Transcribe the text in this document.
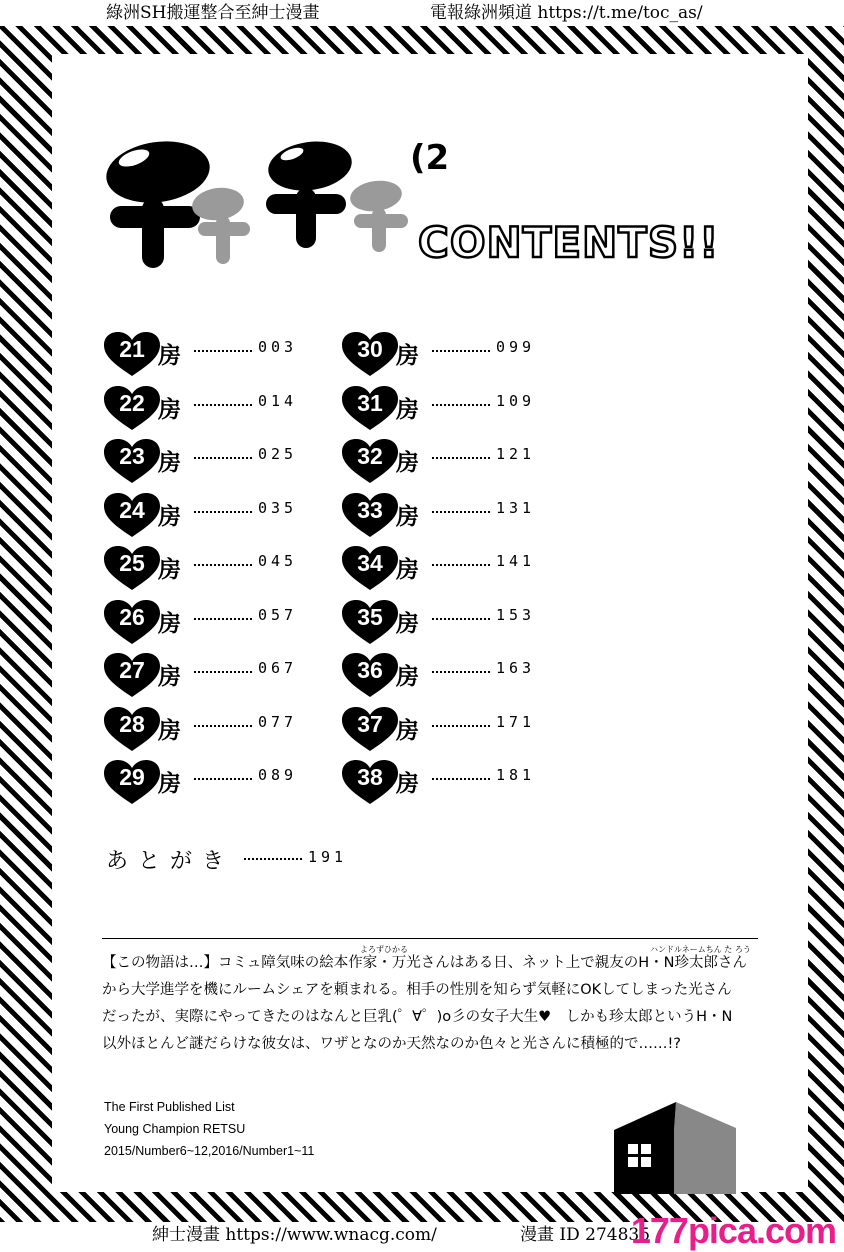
綠洲SH搬運整合至紳士漫畫	電報綠洲頻道 https://t.me/toc_as/
(2
CONTENTS!!
21 房	003
22 房	014
23 房	025
24 房	035
25 房	045
26 房	057
27 房	067
28 房	077
29 房	089
30 房	099
31 房	109
32 房	121
33 房	131
34 房	141
35 房	153
36 房	163
37 房	171
38 房	181
あとがき	191
よろずひかる	ハンドルネームちん た ろう
【この物語は…】コミュ障気味の絵本作家・万光さんはある日、ネット上で親友のH・N珍太郎さん
から大学進学を機にルームシェアを頼まれる。相手の性別を知らず気軽にOKしてしまった光さん
だったが、実際にやってきたのはなんと巨乳(゜∀゜)o彡の女子大生♥　しかも珍太郎というH・N
以外ほとんど謎だらけな彼女は、ワザとなのか天然なのか色々と光さんに積極的で……!?
The First Published List
Young Champion RETSU
2015/Number6~12,2016/Number1~11
紳士漫畫 https://www.wnacg.com/	漫畫 ID 274835
177pica.com
